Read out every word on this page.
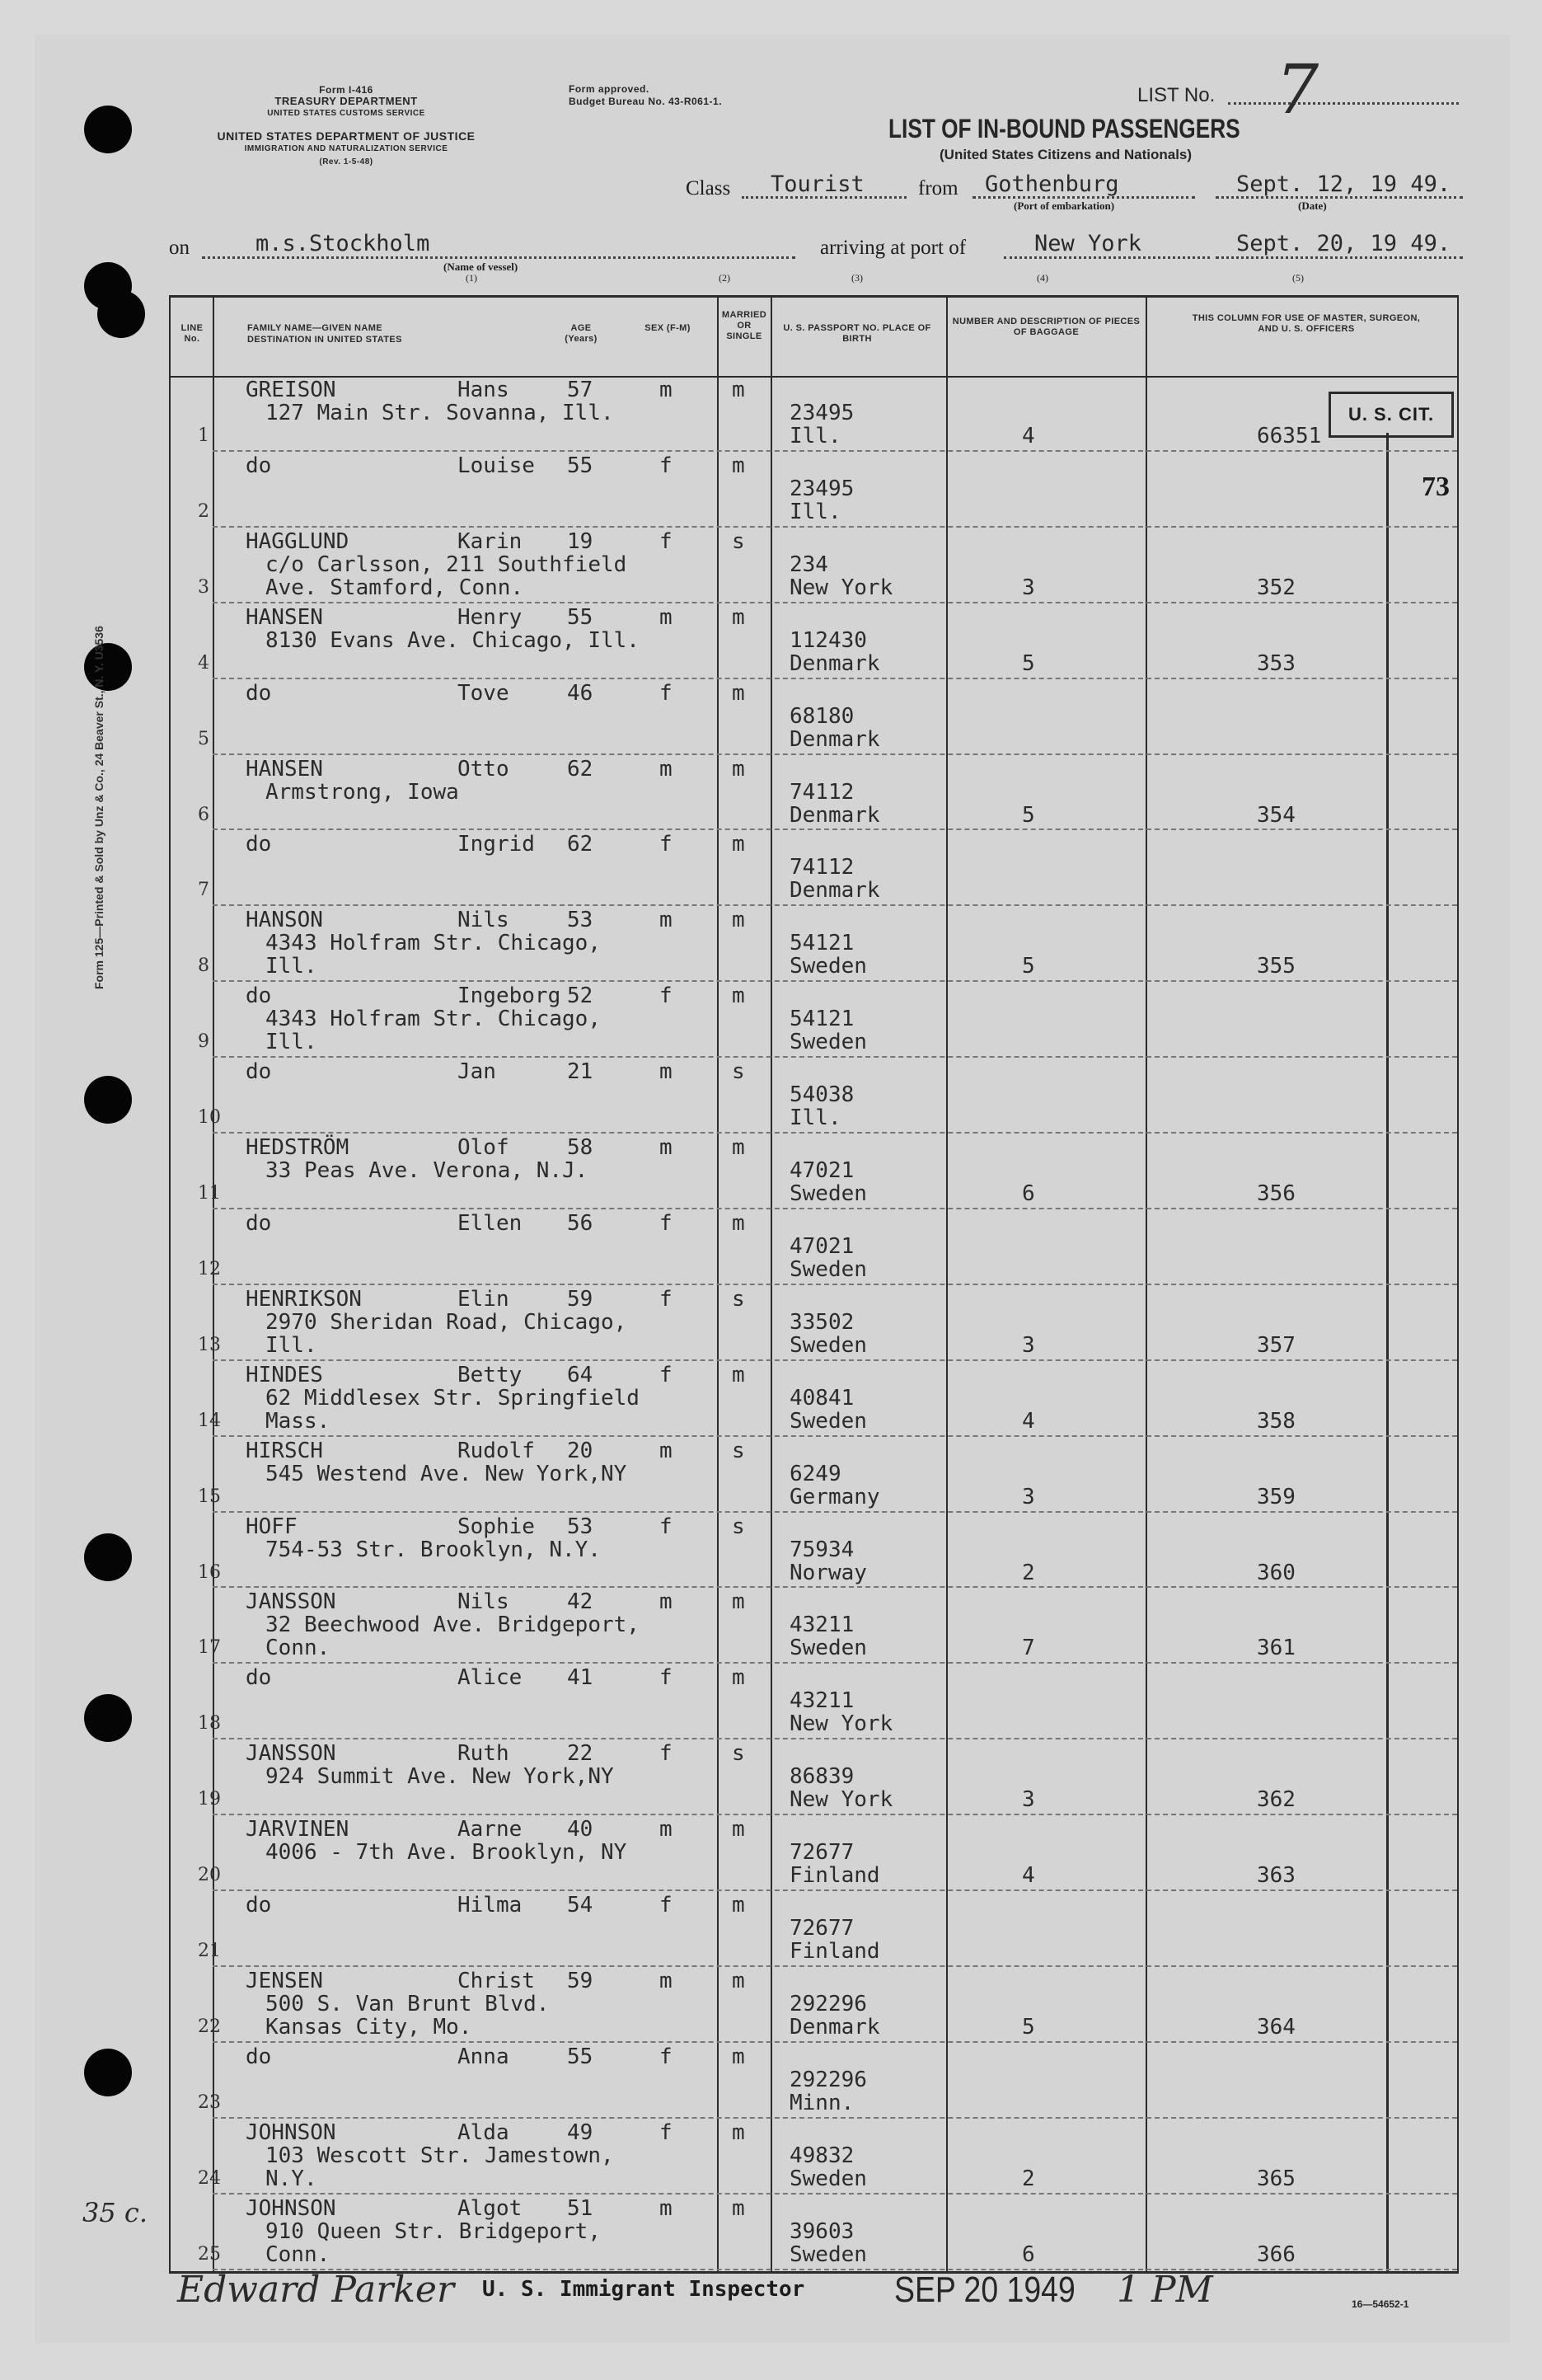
Form 125—Printed & Sold by Unz & Co., 24 Beaver St., N. Y. U3536
Form I-416
TREASURY DEPARTMENT
UNITED STATES CUSTOMS SERVICE
UNITED STATES DEPARTMENT OF JUSTICE
IMMIGRATION AND NATURALIZATION SERVICE
(Rev. 1-5-48)
Form approved.
Budget Bureau No. 43-R061-1.	LIST No. 7
LIST OF IN-BOUND PASSENGERS
(United States Citizens and Nationals)
Class Tourist	from Gothenburg
(Port of embarkation)
Sept. 12, 19 49.
(Date)
on	m.s.Stockholm
(Name of vessel)
arriving at port of	New York	Sept. 20, 19 49.
(1)	(2)	(3)	(4)	(5)
LINE No.
FAMILY NAME—GIVEN NAME
DESTINATION IN UNITED STATES
AGE (Years)
SEX (F-M)
MARRIED OR SINGLE
U. S. PASSPORT NO. PLACE OF BIRTH
NUMBER AND DESCRIPTION OF PIECES OF BAGGAGE
THIS COLUMN FOR USE OF MASTER, SURGEON, AND U. S. OFFICERS
U. S. CIT.
73
1
GREISON	Hans	57	m	m
127 Main Str. Sovanna, Ill.	23495
Ill.	4	66351
2
do	Louise 55	f	m
23495
Ill.
3
HAGGLUND	Karin 19	f	s
c/o Carlsson, 211 Southfield
Ave. Stamford, Conn.
234
New York	3	352
4
HANSEN	Henry 55	m	m
8130 Evans Ave. Chicago, Ill.	112430
Denmark	5	353
5
do	Tove	46	f	m
68180
Denmark
6
HANSEN	Otto	62	m	m
Armstrong, Iowa	74112
Denmark	5	354
7
do	Ingrid 62	f	m
74112
Denmark
8
HANSON	Nils	53	m	m
4343 Holfram Str. Chicago,
Ill.
54121
Sweden	5	355
9
do	Ingeborg 52	f	m
4343 Holfram Str. Chicago,
Ill.
54121
Sweden
10
do	Jan	21	m	s
54038
Ill.
11
HEDSTRÖM	Olof	58	m	m
33 Peas Ave. Verona, N.J.	47021
Sweden	6	356
12
do	Ellen 56	f	m
47021
Sweden
13
HENRIKSON	Elin	59	f	s
2970 Sheridan Road, Chicago,
Ill.
33502
Sweden	3	357
14
HINDES	Betty 64	f	m
62 Middlesex Str. Springfield
Mass.
40841
Sweden	4	358
15
HIRSCH	Rudolf 20	m	s
545 Westend Ave. New York,NY	6249
Germany	3	359
16
HOFF	Sophie 53	f	s
754-53 Str. Brooklyn, N.Y.	75934
Norway	2	360
17
JANSSON	Nils	42	m	m
32 Beechwood Ave. Bridgeport,
Conn.
43211
Sweden	7	361
18
do	Alice 41	f	m
43211
New York
19
JANSSON	Ruth	22	f	s
924 Summit Ave. New York,NY	86839
New York	3	362
20
JARVINEN	Aarne 40	m	m
4006 - 7th Ave. Brooklyn, NY	72677
Finland	4	363
21
do	Hilma 54	f	m
72677
Finland
22
JENSEN	Christ 59	m	m
500 S. Van Brunt Blvd.
Kansas City, Mo.
292296
Denmark	5	364
23
do	Anna	55	f	m
292296
Minn.
24
JOHNSON	Alda	49	f	m
103 Wescott Str. Jamestown,
N.Y.
49832
Sweden	2	365
25
JOHNSON	Algot 51	m	m
910 Queen Str. Bridgeport,
Conn.
39603
Sweden	6	366
35 c.
Edward Parker U. S. Immigrant Inspector SEP 20 1949 1 PM	16—54652-1
